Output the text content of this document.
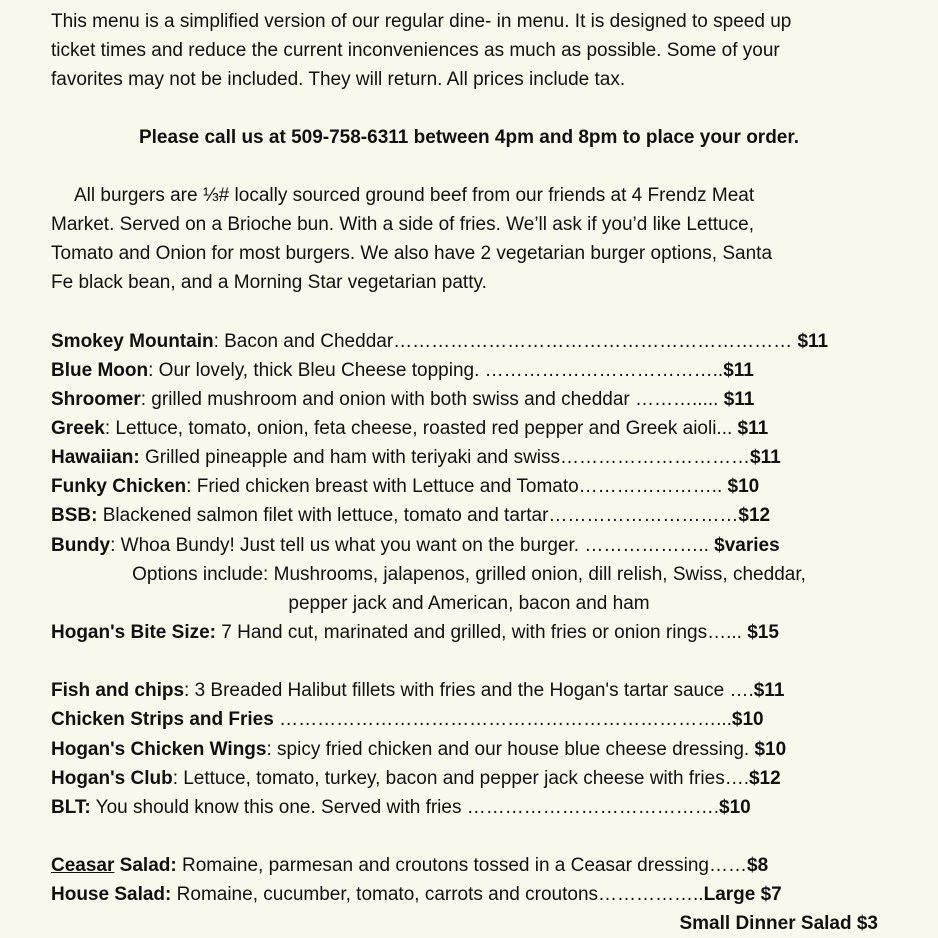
This menu is a simplified version of our regular dine- in menu. It is designed to speed up
ticket times and reduce the current inconveniences as much as possible. Some of your
favorites may not be included. They will return. All prices include tax.
Please call us at 509-758-6311 between 4pm and 8pm to place your order.
All burgers are ⅓# locally sourced ground beef from our friends at 4 Frendz Meat
Market. Served on a Brioche bun. With a side of fries. We’ll ask if you’d like Lettuce,
Tomato and Onion for most burgers. We also have 2 vegetarian burger options, Santa
Fe black bean, and a Morning Star vegetarian patty.
Smokey Mountain: Bacon and Cheddar……………………………………………………… $11
Blue Moon: Our lovely, thick Bleu Cheese topping. ………………………………..$11
Shroomer: grilled mushroom and onion with both swiss and cheddar ………..... $11
Greek: Lettuce, tomato, onion, feta cheese, roasted red pepper and Greek aioli... $11
Hawaiian: Grilled pineapple and ham with teriyaki and swiss…………………………$11
Funky Chicken: Fried chicken breast with Lettuce and Tomato………………….. $10
BSB: Blackened salmon filet with lettuce, tomato and tartar…………………………$12
Bundy: Whoa Bundy! Just tell us what you want on the burger. ……………….. $varies
Options include: Mushrooms, jalapenos, grilled onion, dill relish, Swiss, cheddar,
pepper jack and American, bacon and ham
Hogan's Bite Size: 7 Hand cut, marinated and grilled, with fries or onion rings…... $15
Fish and chips: 3 Breaded Halibut fillets with fries and the Hogan's tartar sauce ….$11
Chicken Strips and Fries ……………………………………………………………...$10
Hogan's Chicken Wings: spicy fried chicken and our house blue cheese dressing. $10
Hogan's Club: Lettuce, tomato, turkey, bacon and pepper jack cheese with fries….$12
BLT: You should know this one. Served with fries ………………………………….$10
Ceasar Salad: Romaine, parmesan and croutons tossed in a Ceasar dressing……$8
House Salad: Romaine, cucumber, tomato, carrots and croutons……………..Large $7
Small Dinner Salad $3
